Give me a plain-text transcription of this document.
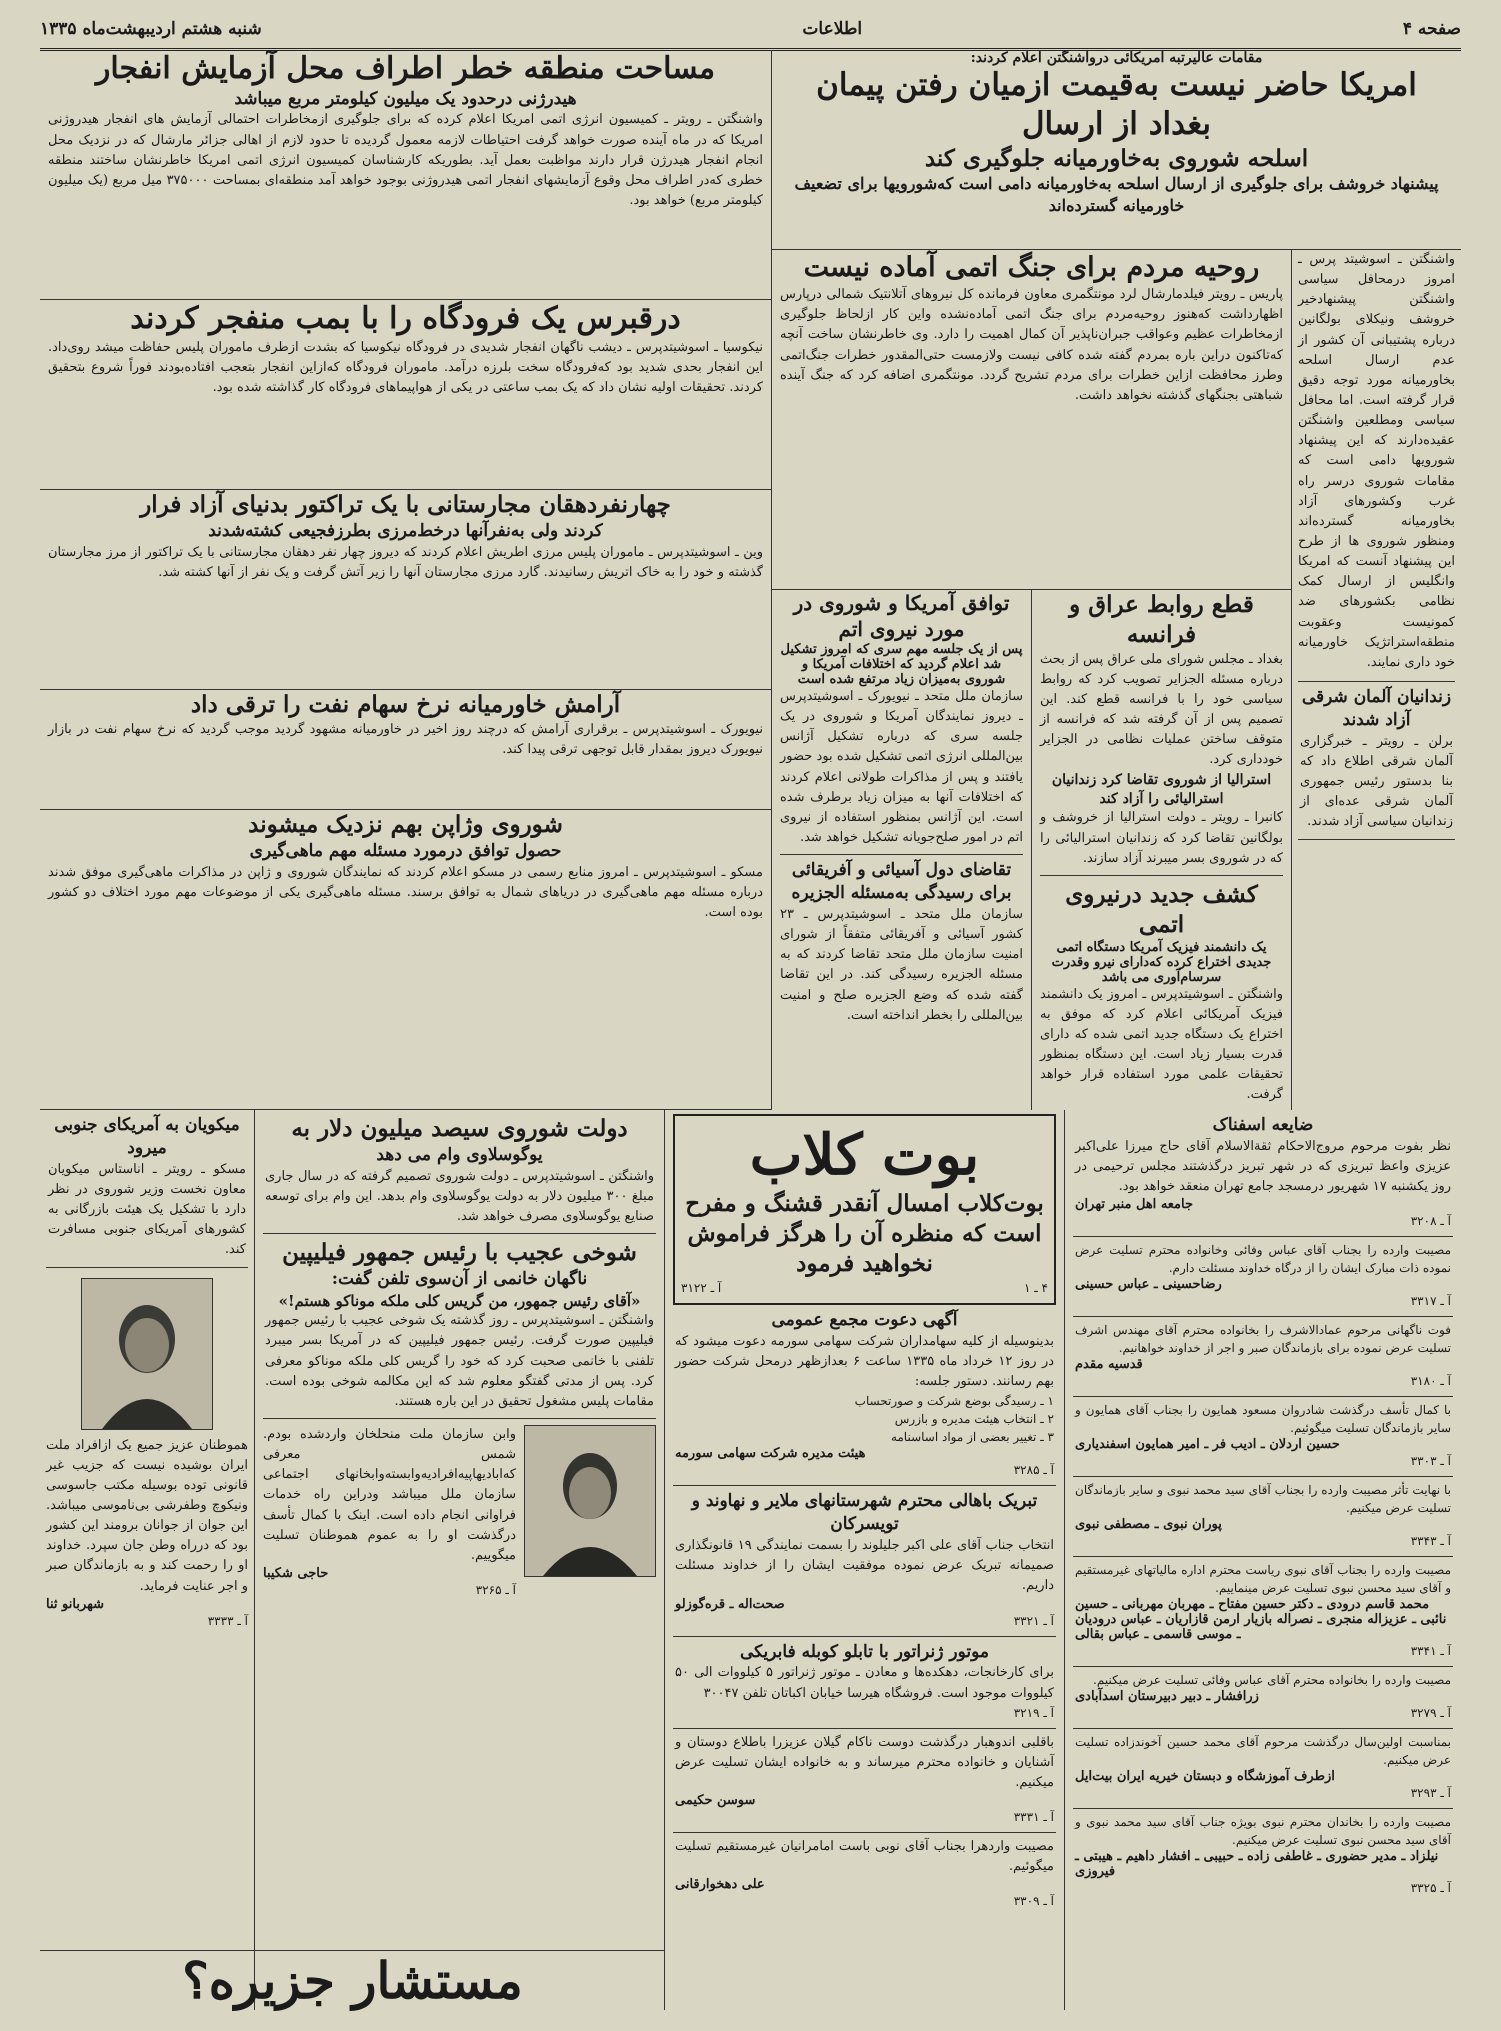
صفحه ۴
اطلاعات
شنبه هشتم اردیبهشت‌ماه ۱۳۳۵
مقامات عالیرتبه امریکائی درواشنگتن اعلام کردند:
امریکا حاضر نیست به‌قیمت ازمیان رفتن پیمان بغداد از ارسال
اسلحه شوروی به‌خاورمیانه جلوگیری کند
پیشنهاد خروشف برای جلوگیری از ارسال اسلحه به‌خاورمیانه دامی است که‌شورویها برای تضعیف خاورمیانه گسترده‌اند
واشنگتن ـ اسوشیتد پرس ـ امروز درمحافل سیاسی واشنگتن پیشنهادخیر خروشف ونیکلای بولگانین درباره پشتیبانی آن کشور از عدم ارسال اسلحه بخاورمیانه مورد توجه دقیق قرار گرفته‌ است. اما محافل سیاسی ومطلعین واشنگتن عقیده‌دارند که این پیشنهاد شورویها دامی است که مقامات شوروی درسر راه غرب وکشورهای آزاد بخاورمیانه گسترده‌اند ومنظور شوروی ها از طرح این پیشنهاد آنست که امریکا وانگلیس از ارسال کمک نظامی بکشورهای ضد کمونیست وعقوبت منطقه‌استراتژیک خاورمیانه خود داری نمایند.
زندانیان آلمان شرقی آزاد شدند
برلن ـ رویتر ـ خبرگزاری آلمان شرقی اطلاع داد که بنا بدستور رئیس جمهوری آلمان شرقی عده‌ای از زندانیان سیاسی آزاد شدند.
روحیه مردم برای جنگ اتمی آماده نیست
پاریس ـ رویتر فیلدمارشال لرد مونتگمری معاون فرمانده کل نیروهای آتلانتیک شمالی درپارس اظهارداشت که‌هنوز روحیه‌مردم برای جنگ اتمی آماده‌نشده واین کار ازلحاظ جلوگیری ازمخاطرات عظیم وعواقب جبران‌ناپذیر آن کمال اهمیت را دارد. وی خاطرنشان ساخت آنچه که‌تاکنون دراین باره بمردم گفته شده کافی نیست ولازمست حتی‌المقدور خطرات جنگ‌اتمی وطرز محافظت ازاین خطرات برای مردم تشریح گردد. مونتگمری اضافه کرد که جنگ آینده شباهتی بجنگهای گذشته نخواهد داشت.
قطع روابط عراق و فرانسه
بغداد ـ مجلس شورای ملی عراق پس از بحث درباره مسئله الجزایر تصویب کرد که روابط سیاسی خود را با فرانسه قطع کند. این تصمیم پس از آن گرفته شد که فرانسه از متوقف ساختن عملیات نظامی در الجزایر خودداری کرد.
استرالیا از شوروی تقاضا کرد زندانیان استرالیائی را آزاد کند
کانبرا ـ رویتر ـ دولت استرالیا از خروشف و بولگانین تقاضا کرد که زندانیان استرالیائی را که در شوروی بسر میبرند آزاد سازند.
کشف جدید درنیروی اتمی
یک دانشمند فیزیک آمریکا دستگاه اتمی جدیدی اختراع کرده که‌دارای نیرو وقدرت سرسام‌آوری می باشد
واشنگتن ـ اسوشیتدپرس ـ امروز یک دانشمند فیزیک آمریکائی اعلام کرد که موفق به اختراع یک دستگاه جدید اتمی شده که دارای قدرت بسیار زیاد است. این دستگاه بمنظور تحقیقات علمی مورد استفاده قرار خواهد گرفت.
توافق آمریکا و شوروی در مورد نیروی اتم
پس از یک جلسه مهم سری که امروز تشکیل شد اعلام گردید که اختلافات آمریکا و شوروی به‌میزان زیاد مرتفع شده است
سازمان ملل متحد ـ نیویورک ـ اسوشیتدپرس ـ دیروز نمایندگان آمریکا و شوروی در یک جلسه سری که درباره تشکیل آژانس بین‌المللی انرژی اتمی تشکیل شده بود حضور یافتند و پس از مذاکرات طولانی اعلام کردند که اختلافات آنها به میزان زیاد برطرف شده است. این آژانس بمنظور استفاده از نیروی اتم در امور صلح‌جویانه تشکیل خواهد شد.
تقاضای دول آسیائی و آفریقائی برای رسیدگی به‌مسئله الجزیره
سازمان ملل متحد ـ اسوشیتدپرس ـ ۲۳ کشور آسیائی و آفریقائی متفقاً از شورای امنیت سازمان ملل متحد تقاضا کردند که به مسئله الجزیره رسیدگی کند. در این تقاضا گفته شده که وضع الجزیره صلح و امنیت بین‌المللی را بخطر انداخته است.
مساحت منطقه خطر اطراف محل آزمایش انفجار
هیدرژنی درحدود یک میلیون کیلومتر مربع میباشد
واشنگتن ـ رویتر ـ کمیسیون انرژی اتمی امریکا اعلام کرده که برای جلوگیری ازمخاطرات احتمالی آزمایش های انفجار هیدروژنی امریکا که در ماه آینده صورت خواهد گرفت احتیاطات لازمه معمول گردیده تا حدود لازم از اهالی جزائر مارشال که در نزدیک محل انجام انفجار هیدرژن قرار دارند مواظبت بعمل آید. بطوریکه کارشناسان کمیسیون انرژی اتمی امریکا خاطرنشان ساختند منطقه خطری که‌در اطراف محل وقوع آزمایشهای انفجار اتمی هیدروژنی بوجود خواهد آمد منطقه‌ای بمساحت ۳۷۵۰۰۰ میل مربع (یک میلیون کیلومتر مربع) خواهد بود.
درقبرس یک فرودگاه را با بمب منفجر کردند
نیکوسیا ـ اسوشیتدپرس ـ دیشب ناگهان انفجار شدیدی در فرودگاه نیکوسیا که بشدت ازطرف ماموران پلیس حفاظت میشد روی‌داد. این انفجار بحدی شدید بود که‌فرودگاه سخت بلرزه درآمد. ماموران فرودگاه که‌ازاین انفجار بتعجب افتاده‌بودند فوراً شروع بتحقیق کردند. تحقیقات اولیه نشان داد که یک بمب ساعتی در یکی از هواپیماهای فرودگاه کار گذاشته شده بود.
چهارنفردهقان مجارستانی با یک تراکتور بدنیای آزاد فرار
کردند ولی به‌نفرآنها درخط‌مرزی بطرزفجیعی کشته‌شدند
وین ـ اسوشیتدپرس ـ ماموران پلیس مرزی اطریش اعلام کردند که دیروز چهار نفر دهقان مجارستانی با یک تراکتور از مرز مجارستان گذشته و خود را به خاک اتریش رسانیدند. گارد مرزی مجارستان آنها را زیر آتش گرفت و یک نفر از آنها کشته شد.
آرامش خاورمیانه نرخ سهام نفت را ترقی داد
نیویورک ـ اسوشیتدپرس ـ برقراری آرامش که درچند روز اخیر در خاورمیانه مشهود گردید موجب گردید که نرخ سهام نفت در بازار نیویورک دیروز بمقدار قابل توجهی ترقی پیدا کند.
شوروی وژاپن بهم نزدیک میشوند
حصول توافق درمورد مسئله مهم ماهی‌گیری
مسکو ـ اسوشیتدپرس ـ امروز منابع رسمی در مسکو اعلام کردند که نمایندگان شوروی و ژاپن در مذاکرات ماهی‌گیری موفق شدند درباره مسئله مهم ماهی‌گیری در دریاهای شمال به توافق برسند. مسئله ماهی‌گیری یکی از موضوعات مهم مورد اختلاف دو کشور بوده است.
میکویان به آمریکای جنوبی میرود
مسکو ـ رویتر ـ اناستاس میکویان معاون نخست وزیر شوروی در نظر دارد با تشکیل یک هیئت بازرگانی به کشورهای آمریکای جنوبی مسافرت کند.
هموطنان عزیز جمیع یک ازافراد ملت ایران بوشیده نیست که جزیب غیر قانونی توده بوسیله مکتب جاسوسی ونیکوچ وطفرشی بی‌ناموسی میباشد. این جوان از جوانان برومند این کشور بود که درراه وطن جان سپرد. خداوند او را رحمت کند و به بازماندگان صبر و اجر عنایت فرماید.
شهربانو ثنا
آ ـ ۳۳۳۳
دولت شوروی سیصد میلیون دلار به
یوگوسلاوی وام می دهد
واشنگتن ـ اسوشیتدپرس ـ دولت شوروی تصمیم گرفته که در سال جاری مبلغ ۳۰۰ میلیون دلار به دولت یوگوسلاوی وام بدهد. این وام برای توسعه صنایع یوگوسلاوی مصرف خواهد شد.
شوخی عجیب با رئیس جمهور فیلیپین
ناگهان خانمی از آن‌سوی تلفن گفت:
«آقای رئیس جمهور، من گریس کلی ملکه موناکو هستم!»
واشنگتن ـ اسوشیتدپرس ـ روز گذشته یک شوخی عجیب با رئیس جمهور فیلیپین صورت گرفت. رئیس جمهور فیلیپین که در آمریکا بسر میبرد تلفنی با خانمی صحبت کرد که خود را گریس کلی ملکه موناکو معرفی کرد. پس از مدتی گفتگو معلوم شد که این مکالمه شوخی بوده است. مقامات پلیس مشغول تحقیق در این باره هستند.
وابن سازمان ملت منحلخان واردشده بودم. شمس معرفی که‌ابادیهاپیه‌افرادیه‌وابسته‌وابخانهای اجتماعی سازمان ملل میباشد ودراین راه خدمات فراوانی انجام داده است. اینک با کمال تأسف درگذشت او را به عموم هموطنان تسلیت میگوییم.
حاجی شکیبا
آ ـ ۳۲۶۵
بوت کلاب
بوت‌کلاب امسال آنقدر قشنگ و مفرح
است که منظره آن را هرگز فراموش
نخواهید فرمود
۴ ـ ۱
آ ـ ۳۱۲۲
آگهی دعوت مجمع عمومی
بدینوسیله از کلیه سهامداران شرکت سهامی سورمه دعوت میشود که در روز ۱۲ خرداد ماه ۱۳۳۵ ساعت ۶ بعدازظهر درمحل شرکت حضور بهم رسانند. دستور جلسه:
۱ ـ رسیدگی بوضع شرکت و صورتحساب
۲ ـ انتخاب هیئت مدیره و بازرس
۳ ـ تغییر بعضی از مواد اساسنامه
هیئت مدیره شرکت سهامی سورمه
آ ـ ۳۲۸۵
تبریک باهالی محترم شهرستانهای ملایر و نهاوند و تویسرکان
انتخاب جناب آقای علی اکبر جلیلوند را بسمت نمایندگی ۱۹ قانونگذاری صمیمانه تبریک عرض نموده موفقیت ایشان را از خداوند مسئلت داریم.
صحت‌اله ـ قره‌گوزلو
آ ـ ۳۳۲۱
موتور ژنراتور با تابلو کوبله فابریکی
برای کارخانجات، دهکده‌ها و معادن ـ موتور ژنراتور ۵ کیلووات الی ۵۰ کیلووات موجود است. فروشگاه هیرسا خیابان اکباتان تلفن ۳۰۰۴۷
آ ـ ۳۲۱۹
باقلبی اندوهبار درگذشت دوست ناکام گیلان عزیزرا باطلاع دوستان و آشنایان و خانواده محترم میرساند و به خانواده ایشان تسلیت عرض میکنیم.
سوسن حکیمی
آ ـ ۳۳۳۱
مصیبت واردهرا بجناب آقای نوبی باست امامرانیان غیرمستقیم تسلیت میگوئیم.
علی دهخوارقانی
آ ـ ۳۳۰۹
ضایعه اسفناک
نظر بفوت مرحوم مروج‌الاحکام ثقةالاسلام آقای حاج میرزا علی‌اکبر عزیزی واعظ تبریزی که در شهر تبریز درگذشتند مجلس ترحیمی در روز یکشنبه ۱۷ شهریور درمسجد جامع تهران منعقد خواهد بود.
جامعه اهل منبر تهران
آ ـ ۳۲۰۸
مصیبت وارده را بجناب آقای عباس وفائی وخانواده محترم تسلیت عرض نموده ذات مبارک ایشان را از درگاه خداوند مسئلت دارم.
رضاحسینی ـ عباس حسینی
آ ـ ۳۳۱۷
فوت ناگهانی مرحوم عمادالاشرف را بخانواده محترم آقای مهندس اشرف تسلیت عرض نموده برای بازماندگان صبر و اجر از خداوند خواهانیم.
قدسیه مقدم
آ ـ ۳۱۸۰
با کمال تأسف درگذشت شادروان مسعود همایون را بجناب آقای همایون و سایر بازماندگان تسلیت میگوئیم.
حسین اردلان ـ ادیب فر ـ امیر همایون اسفندیاری
آ ـ ۳۳۰۳
با نهایت تأثر مصیبت وارده را بجناب آقای سید محمد نبوی و سایر بازماندگان تسلیت عرض میکنیم.
پوران نبوی ـ مصطفی نبوی
آ ـ ۳۳۴۳
مصیبت وارده را بجناب آقای نبوی ریاست محترم اداره مالیاتهای غیرمستقیم و آقای سید محسن نبوی تسلیت عرض مینماییم.
محمد قاسم درودی ـ دکتر حسین مفتاح ـ مهربان مهربانی ـ حسین نائبی ـ عزیزاله منجری ـ نصراله بازیار ارمن قازاریان ـ عباس درودیان ـ موسی قاسمی ـ عباس بقالی
آ ـ ۳۳۴۱
مصیبت وارده را بخانواده محترم آقای عباس وفائی تسلیت عرض میکنیم.
زرافشار ـ دبیر دبیرستان اسدآبادی
آ ـ ۳۲۷۹
بمناسبت اولین‌سال درگذشت مرحوم آقای محمد حسین آخوندزاده تسلیت عرض میکنیم.
ازطرف آموزشگاه و دبستان خیریه ایران بیت‌ایل
آ ـ ۳۲۹۳
مصیبت وارده را بخاندان محترم نبوی بویژه جناب آقای سید محمد نبوی و آقای سید محسن نبوی تسلیت عرض میکنیم.
نیلزاد ـ مدیر حضوری ـ غاطفی زاده ـ حبیبی ـ افشار داهیم ـ هیبتی ـ فیروزی
آ ـ ۳۳۲۵
مستشار جزیره؟
